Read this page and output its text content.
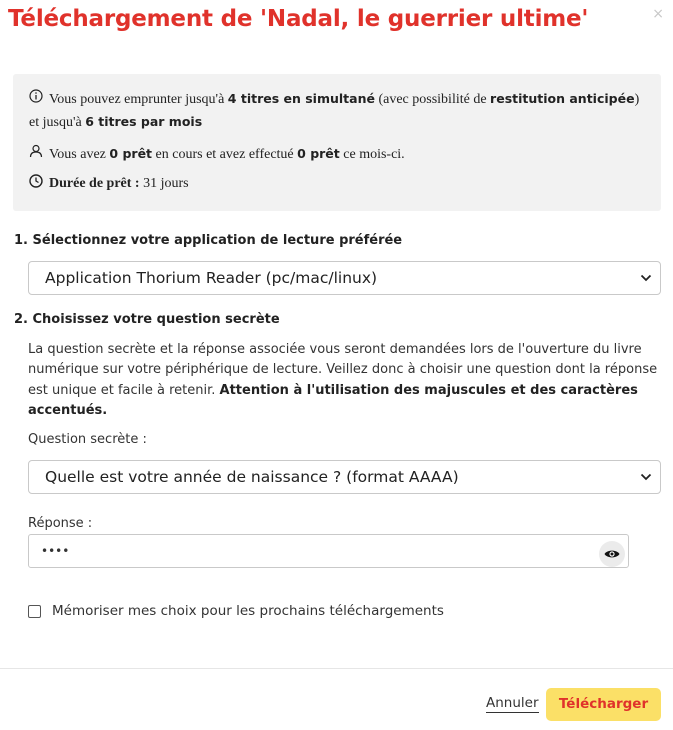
Téléchargement de 'Nadal, le guerrier ultime'	×
Vous pouvez emprunter jusqu'à 4 titres en simultané (avec possibilité de restitution anticipée)
et jusqu'à 6 titres par mois
Vous avez 0 prêt en cours et avez effectué 0 prêt ce mois-ci.
Durée de prêt : 31 jours
1. Sélectionnez votre application de lecture préférée
Application Thorium Reader (pc/mac/linux)
2. Choisissez votre question secrète
La question secrète et la réponse associée vous seront demandées lors de l'ouverture du livre numérique sur votre périphérique de lecture. Veillez donc à choisir une question dont la réponse est unique et facile à retenir. Attention à l'utilisation des majuscules et des caractères accentués.
Question secrète :
Quelle est votre année de naissance ? (format AAAA)
Réponse :
••••
Mémoriser mes choix pour les prochains téléchargements
Annuler	Télécharger
